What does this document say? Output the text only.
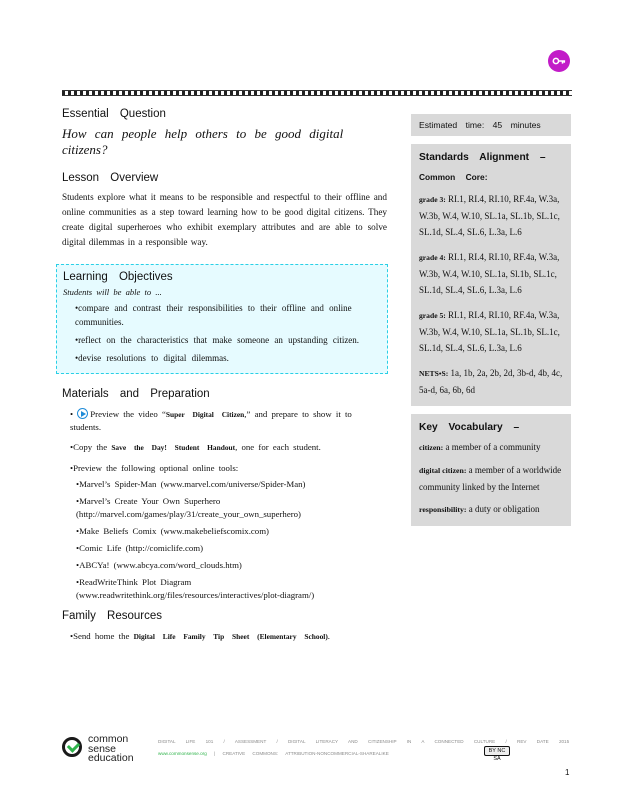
Essential Question
How can people help others to be good digital citizens?
Lesson Overview
Students explore what it means to be responsible and respectful to their offline and online communities as a step toward learning how to be good digital citizens. They create digital superheroes who exhibit exemplary attributes and are able to solve digital dilemmas in a responsible way.
Learning Objectives
Students will be able to ...
•compare and contrast their responsibilities to their offline and online communities.
•reflect on the characteristics that make someone an upstanding citizen.
•devise resolutions to digital dilemmas.
Materials and Preparation
• Preview the video “Super Digital Citizen,” and prepare to show it to students.
•Copy the Save the Day! Student Handout, one for each student.
•Preview the following optional online tools:
•Marvel’s Spider-Man (www.marvel.com/universe/Spider-Man)
•Marvel’s Create Your Own Superhero (http://marvel.com/games/play/31/create_your_own_superhero)
•Make Beliefs Comix (www.makebeliefscomix.com)
•Comic Life (http://comiclife.com)
•ABCYa! (www.abcya.com/word_clouds.htm)
•ReadWriteThink Plot Diagram (www.readwritethink.org/files/resources/interactives/plot-diagram/)
Family Resources
•Send home the Digital Life Family Tip Sheet (Elementary School).
Estimated time: 45 minutes
Standards Alignment –
Common Core:
grade 3: RI.1, RI.4, RI.10, RF.4a, W.3a, W.3b, W.4, W.10, SL.1a, SL.1b, SL.1c, SL.1d, SL.4, SL.6, L.3a, L.6
grade 4: RI.1, RI.4, RI.10, RF.4a, W.3a, W.3b, W.4, W.10, SL.1a, Sl.1b, SL.1c, SL.1d, SL.4, SL.6, L.3a, L.6
grade 5: RI.1, RI.4, RI.10, RF.4a, W.3a, W.3b, W.4, W.10, SL.1a, SL.1b, SL.1c, SL.1d, SL.4, SL.6, L.3a, L.6
NETS•S: 1a, 1b, 2a, 2b, 2d, 3b-d, 4b, 4c, 5a-d, 6a, 6b, 6d
Key Vocabulary –
citizen: a member of a community
digital citizen: a member of a worldwide community linked by the Internet
responsibility: a duty or obligation
common
sense
education
DIGITAL LIFE 101 / ASSESSMENT / DIGITAL LITERACY AND CITIZENSHIP IN A CONNECTED CULTURE / REV DATE 2015
www.commonsense.org | CREATIVE COMMONS: ATTRIBUTION-NONCOMMERCIAL-SHAREALIKE	BY NC SA
1
